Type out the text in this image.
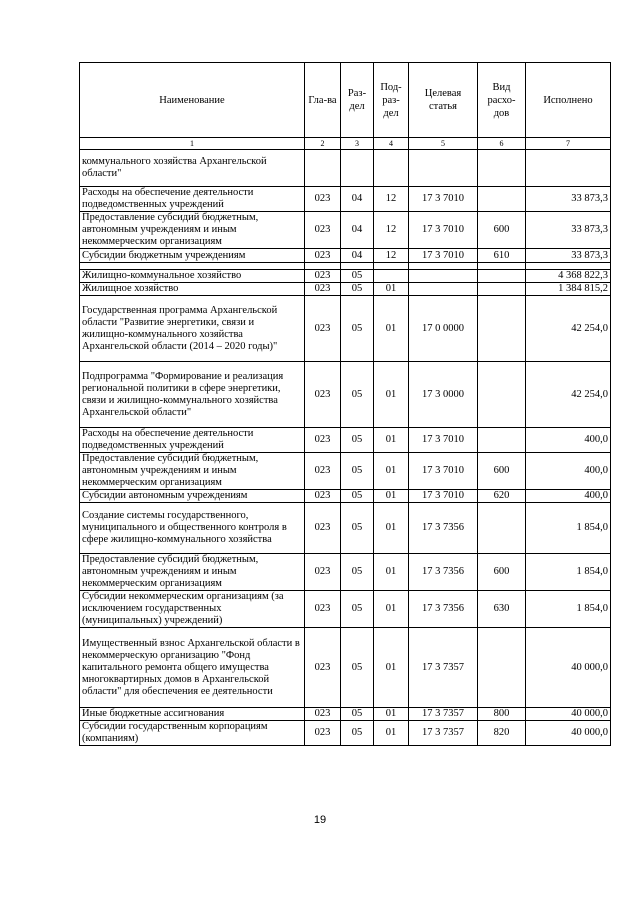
Наименование	Гла-ва	Раз-дел	Под-раз-дел	Целевая статья	Вид расхо-дов	Исполнено
1	2	3	4	5	6	7
коммунального хозяйства Архангельской области"						
Расходы на обеспечение деятельности подведомственных учреждений	023	04	12	17 3 7010		33 873,3
Предоставление субсидий бюджетным, автономным учреждениям и иным некоммерческим организациям	023	04	12	17 3 7010	600	33 873,3
Субсидии бюджетным учреждениям	023	04	12	17 3 7010	610	33 873,3

Жилищно-коммунальное хозяйство	023	05				4 368 822,3
Жилищное хозяйство	023	05	01			1 384 815,2
Государственная программа Архангельской области "Развитие энергетики, связи и жилищно-коммунального хозяйства Архангельской области (2014 – 2020 годы)"	023	05	01	17 0 0000		42 254,0
Подпрограмма "Формирование и реализация региональной политики в сфере энергетики, связи и жилищно-коммунального хозяйства Архангельской области"	023	05	01	17 3 0000		42 254,0
Расходы на обеспечение деятельности подведомственных учреждений	023	05	01	17 3 7010		400,0
Предоставление субсидий бюджетным, автономным учреждениям и иным некоммерческим организациям	023	05	01	17 3 7010	600	400,0
Субсидии автономным учреждениям	023	05	01	17 3 7010	620	400,0
Создание системы государственного, муниципального и общественного контроля в сфере жилищно-коммунального хозяйства	023	05	01	17 3 7356		1 854,0
Предоставление субсидий бюджетным, автономным учреждениям и иным некоммерческим организациям	023	05	01	17 3 7356	600	1 854,0
Субсидии некоммерческим организациям (за исключением государственных (муниципальных) учреждений)	023	05	01	17 3 7356	630	1 854,0
Имущественный взнос Архангельской области в некоммерческую организацию "Фонд капитального ремонта общего имущества многоквартирных домов в Архангельской области" для обеспечения ее деятельности	023	05	01	17 3 7357		40 000,0
Иные бюджетные ассигнования	023	05	01	17 3 7357	800	40 000,0
Субсидии государственным корпорациям (компаниям)	023	05	01	17 3 7357	820	40 000,0
19
